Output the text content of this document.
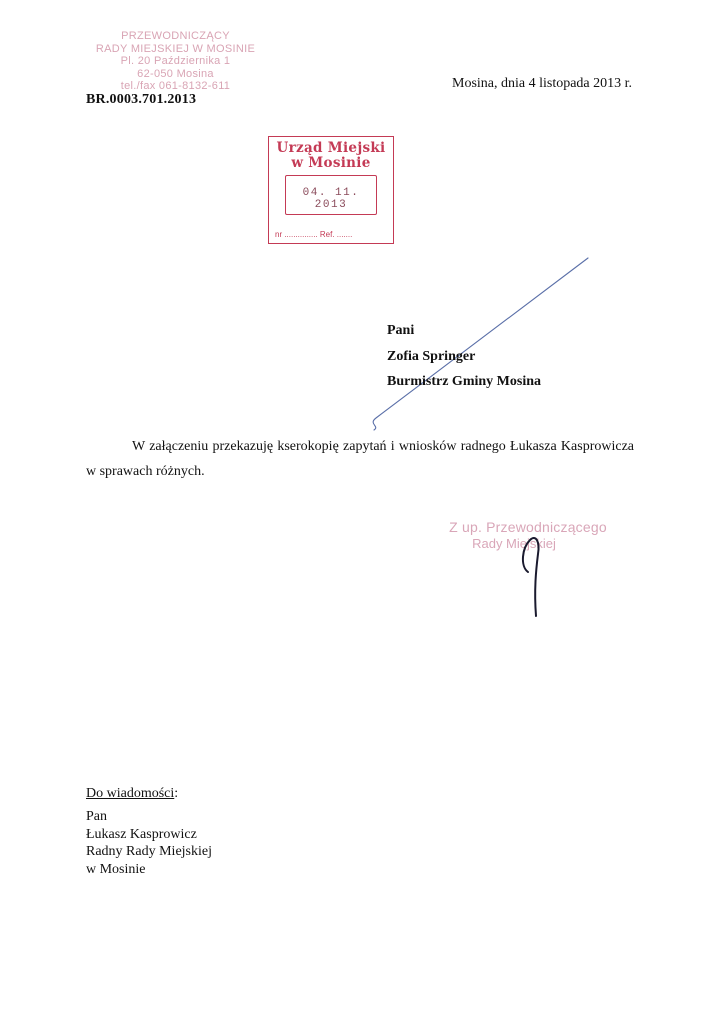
PRZEWODNICZĄCY
RADY MIEJSKIEJ W MOSINIE
Pl. 20 Października 1
62-050 Mosina
tel./fax 061-8132-611
BR.0003.701.2013
Mosina, dnia 4 listopada 2013 r.
Urząd Miejski
w Mosinie
04. 11. 2013
nr ............... Ref. .......
Pani
Zofia Springer
Burmistrz Gminy Mosina
W załączeniu przekazuję kserokopię zapytań i wniosków radnego Łukasza Kasprowicza w sprawach różnych.
Z up. Przewodniczącego
Rady Miejskiej
Do wiadomości:
Pan
Łukasz Kasprowicz
Radny Rady Miejskiej
w Mosinie
